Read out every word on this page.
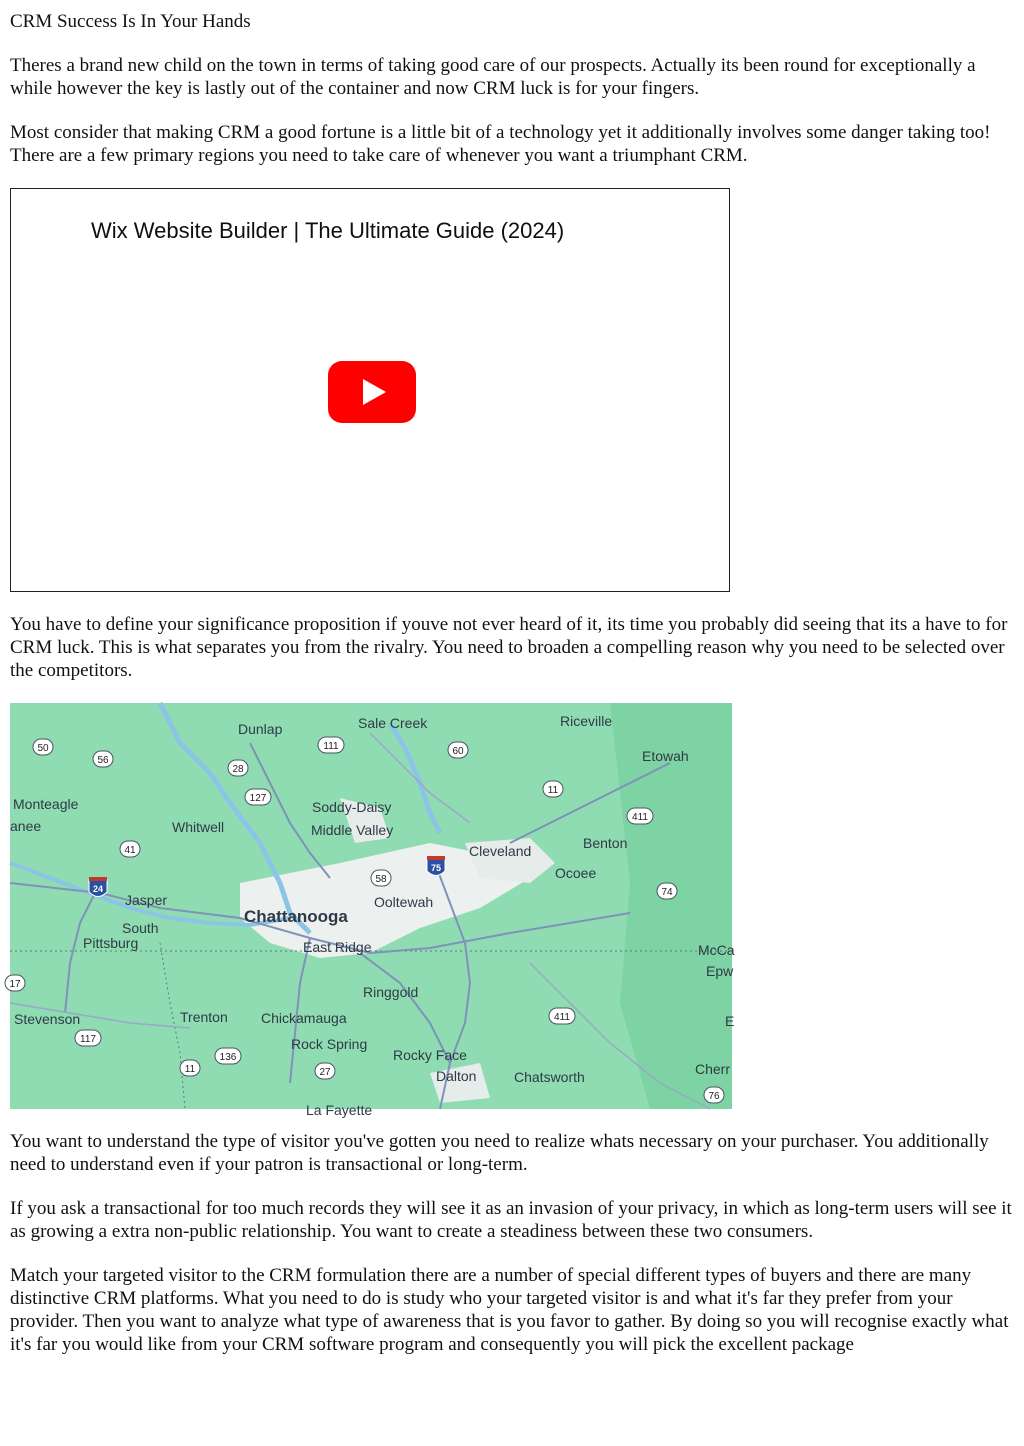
CRM Success Is In Your Hands

Theres a brand new child on the town in terms of taking good care of our prospects. Actually its been round for exceptionally a while however the key is lastly out of the container and now CRM luck is for your fingers.

Most consider that making CRM a good fortune is a little bit of a technology yet it additionally involves some danger taking too! There are a few primary regions you need to take care of whenever you want a triumphant CRM.

Wix Website Builder | The Ultimate Guide (2024)

You have to define your significance proposition if youve not ever heard of it, its time you probably did seeing that its a have to for CRM luck. This is what separates you from the rivalry. You need to broaden a compelling reason why you need to be selected over the competitors.

Dunlap	Sale Creek	Riceville
Etowah
Monteagle
anee	Whitwell
Soddy-Daisy
Middle Valley
Cleveland	Benton
Ocoee
Jasper	Ooltewah
Chattanooga
South
Pittsburg	East Ridge	McCa
Epw
Ringgold
Stevenson	Trenton Chickamauga	E
Rock Spring
Rocky Face
Dalton	Chatsworth	Cherr
La Fayette
50
56
28
111	60
11
127
411
41
58
74
17
411
117
136
27
11
76
24
75

You want to understand the type of visitor you've gotten you need to realize whats necessary on your purchaser. You additionally need to understand even if your patron is transactional or long-term.

If you ask a transactional for too much records they will see it as an invasion of your privacy, in which as long-term users will see it as growing a extra non-public relationship. You want to create a steadiness between these two consumers.

Match your targeted visitor to the CRM formulation there are a number of special different types of buyers and there are many distinctive CRM platforms. What you need to do is study who your targeted visitor is and what it's far they prefer from your provider. Then you want to analyze what type of awareness that is you favor to gather. By doing so you will recognise exactly what it's far you would like from your CRM software program and consequently you will pick the excellent package
